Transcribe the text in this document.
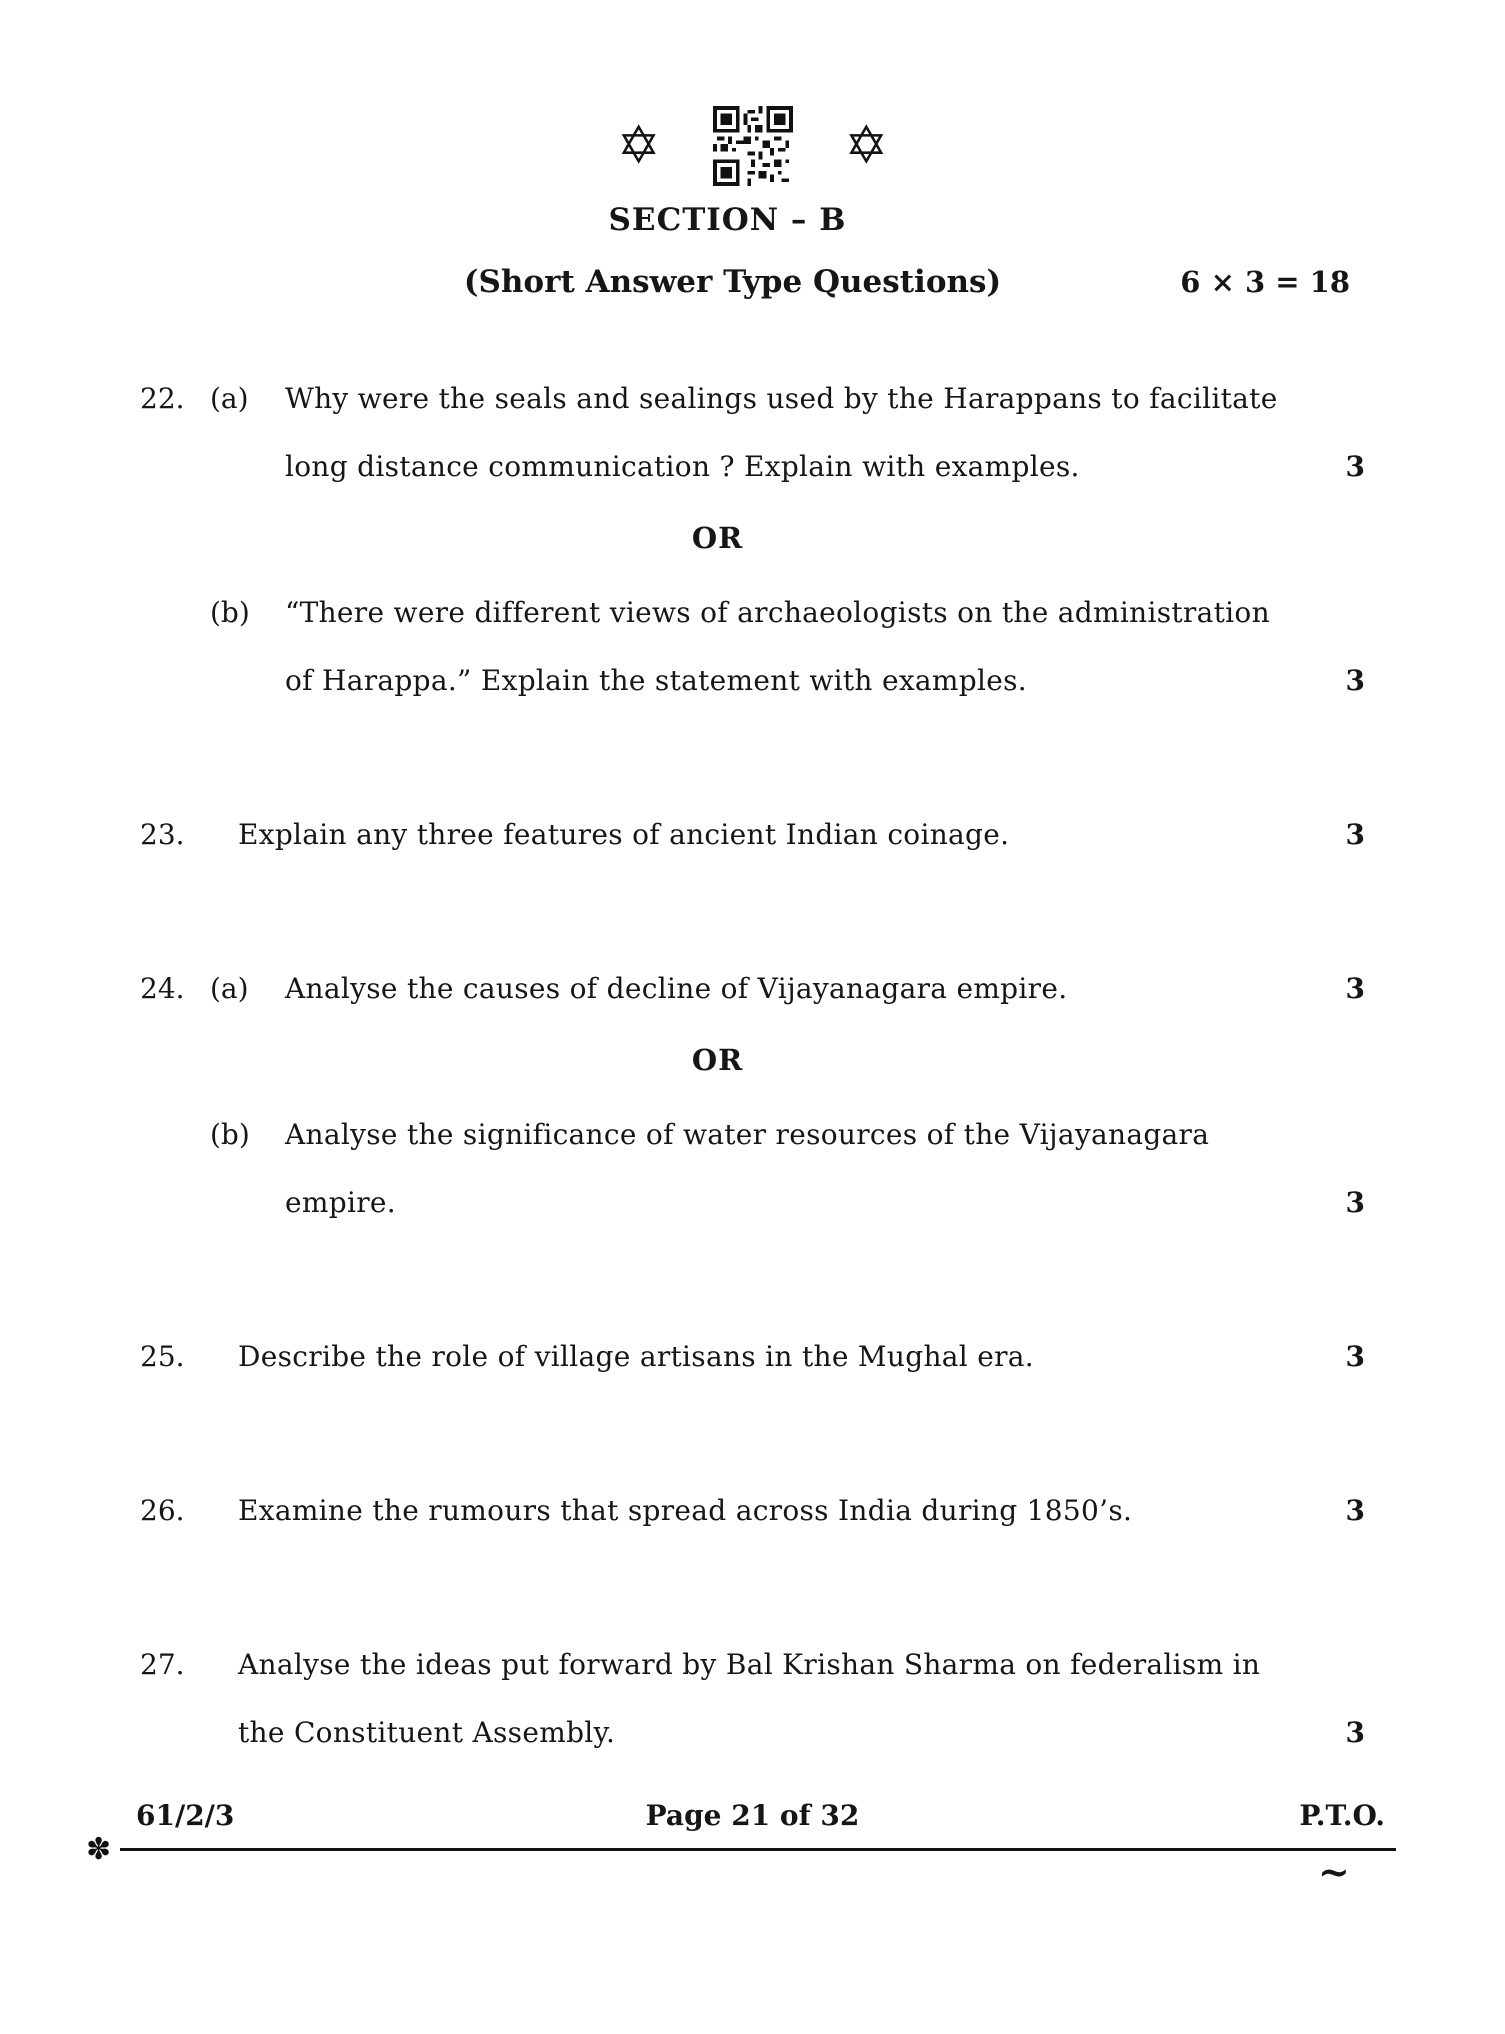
✡	✡
SECTION – B
(Short Answer Type Questions)	6 × 3 = 18
22. (a)	Why were the seals and sealings used by the Harappans to facilitate
long distance communication ? Explain with examples.	3
OR
(b)	“There were different views of archaeologists on the administration
of Harappa.” Explain the statement with examples.	3
23.	Explain any three features of ancient Indian coinage.	3
24. (a)	Analyse the causes of decline of Vijayanagara empire.	3
OR
(b)	Analyse the significance of water resources of the Vijayanagara
empire.	3
25.	Describe the role of village artisans in the Mughal era.	3
26.	Examine the rumours that spread across India during 1850’s.	3
27.	Analyse the ideas put forward by Bal Krishan Sharma on federalism in
the Constituent Assembly.	3
61/2/3	Page 21 of 32	P.T.O.
✽	~
